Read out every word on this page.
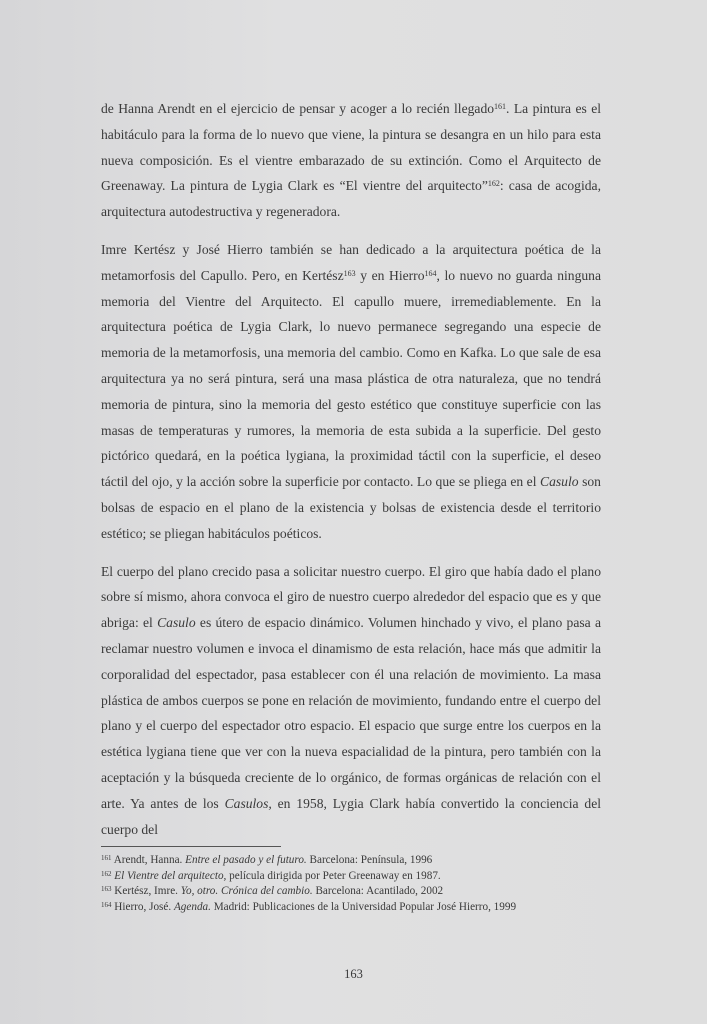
de Hanna Arendt en el ejercicio de pensar y acoger a lo recién llegado$^{161}$. La pintura es el habitáculo para la forma de lo nuevo que viene, la pintura se desangra en un hilo para esta nueva composición. Es el vientre embarazado de su extinción. Como el Arquitecto de Greenaway. La pintura de Lygia Clark es “El vientre del arquitecto”$^{162}$: casa de acogida, arquitectura autodestructiva y regeneradora.

Imre Kertész y José Hierro también se han dedicado a la arquitectura poética de la metamorfosis del Capullo. Pero, en Kertész$^{163}$ y en Hierro$^{164}$, lo nuevo no guarda ninguna memoria del Vientre del Arquitecto. El capullo muere, irremediablemente. En la arquitectura poética de Lygia Clark, lo nuevo permanece segregando una especie de memoria de la metamorfosis, una memoria del cambio. Como en Kafka. Lo que sale de esa arquitectura ya no será pintura, será una masa plástica de otra naturaleza, que no tendrá memoria de pintura, sino la memoria del gesto estético que constituye superficie con las masas de temperaturas y rumores, la memoria de esta subida a la superficie. Del gesto pictórico quedará, en la poética lygiana, la proximidad táctil con la superficie, el deseo táctil del ojo, y la acción sobre la superficie por contacto. Lo que se pliega en el Casulo son bolsas de espacio en el plano de la existencia y bolsas de existencia desde el territorio estético; se pliegan habitáculos poéticos.

El cuerpo del plano crecido pasa a solicitar nuestro cuerpo. El giro que había dado el plano sobre sí mismo, ahora convoca el giro de nuestro cuerpo alrededor del espacio que es y que abriga: el Casulo es útero de espacio dinámico. Volumen hinchado y vivo, el plano pasa a reclamar nuestro volumen e invoca el dinamismo de esta relación, hace más que admitir la corporalidad del espectador, pasa establecer con él una relación de movimiento. La masa plástica de ambos cuerpos se pone en relación de movimiento, fundando entre el cuerpo del plano y el cuerpo del espectador otro espacio. El espacio que surge entre los cuerpos en la estética lygiana tiene que ver con la nueva espacialidad de la pintura, pero también con la aceptación y la búsqueda creciente de lo orgánico, de formas orgánicas de relación con el arte. Ya antes de los Casulos, en 1958, Lygia Clark había convertido la conciencia del cuerpo del

$^{161}$ Arendt, Hanna. Entre el pasado y el futuro. Barcelona: Península, 1996
$^{162}$ El Vientre del arquitecto, película dirigida por Peter Greenaway en 1987.
$^{163}$ Kertész, Imre. Yo, otro. Crónica del cambio. Barcelona: Acantilado, 2002
$^{164}$ Hierro, José. Agenda. Madrid: Publicaciones de la Universidad Popular José Hierro, 1999
163
